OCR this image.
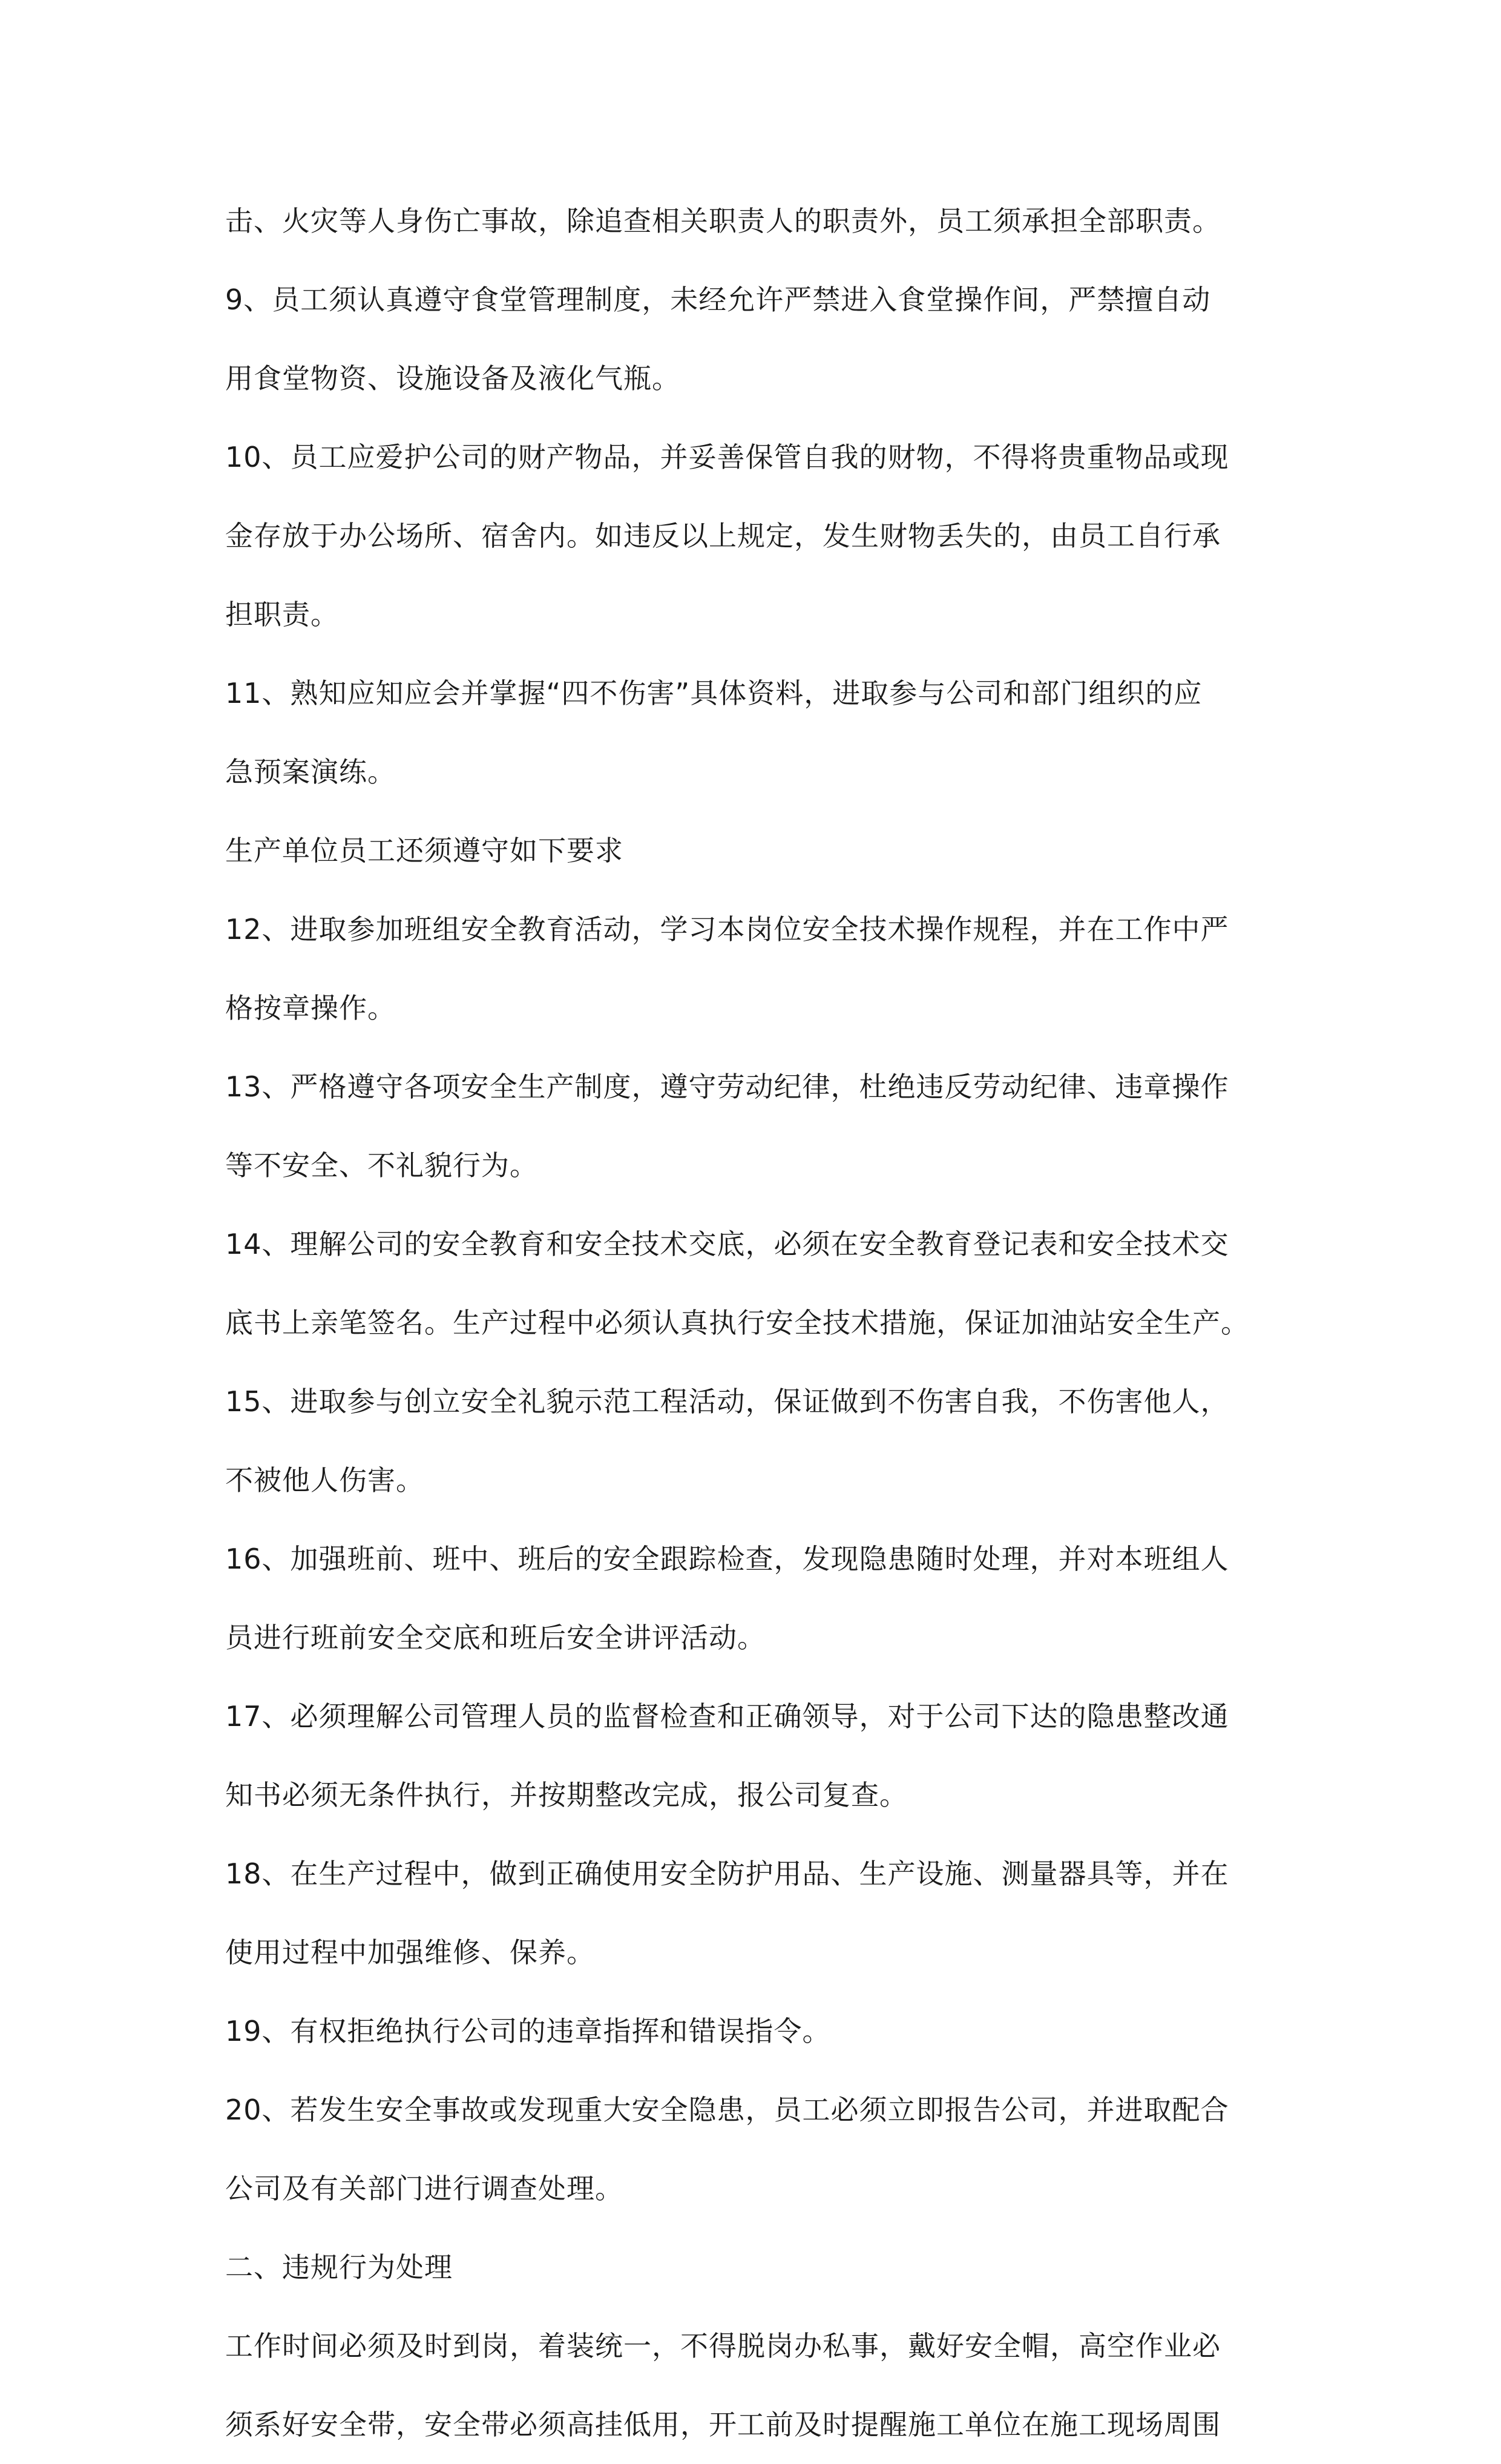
击、火灾等人身伤亡事故，除追查相关职责人的职责外，员工须承担全部职责。
9、员工须认真遵守食堂管理制度，未经允许严禁进入食堂操作间，严禁擅自动
用食堂物资、设施设备及液化气瓶。
10、员工应爱护公司的财产物品，并妥善保管自我的财物，不得将贵重物品或现
金存放于办公场所、宿舍内。如违反以上规定，发生财物丢失的，由员工自行承
担职责。
11、熟知应知应会并掌握“四不伤害”具体资料，进取参与公司和部门组织的应
急预案演练。
生产单位员工还须遵守如下要求
12、进取参加班组安全教育活动，学习本岗位安全技术操作规程，并在工作中严
格按章操作。
13、严格遵守各项安全生产制度，遵守劳动纪律，杜绝违反劳动纪律、违章操作
等不安全、不礼貌行为。
14、理解公司的安全教育和安全技术交底，必须在安全教育登记表和安全技术交
底书上亲笔签名。生产过程中必须认真执行安全技术措施，保证加油站安全生产。
15、进取参与创立安全礼貌示范工程活动，保证做到不伤害自我，不伤害他人，
不被他人伤害。
16、加强班前、班中、班后的安全跟踪检查，发现隐患随时处理，并对本班组人
员进行班前安全交底和班后安全讲评活动。
17、必须理解公司管理人员的监督检查和正确领导，对于公司下达的隐患整改通
知书必须无条件执行，并按期整改完成，报公司复查。
18、在生产过程中，做到正确使用安全防护用品、生产设施、测量器具等，并在
使用过程中加强维修、保养。
19、有权拒绝执行公司的违章指挥和错误指令。
20、若发生安全事故或发现重大安全隐患，员工必须立即报告公司，并进取配合
公司及有关部门进行调查处理。
二、违规行为处理
工作时间必须及时到岗，着装统一，不得脱岗办私事，戴好安全帽，高空作业必
须系好安全带，安全带必须高挂低用，开工前及时提醒施工单位在施工现场周围
